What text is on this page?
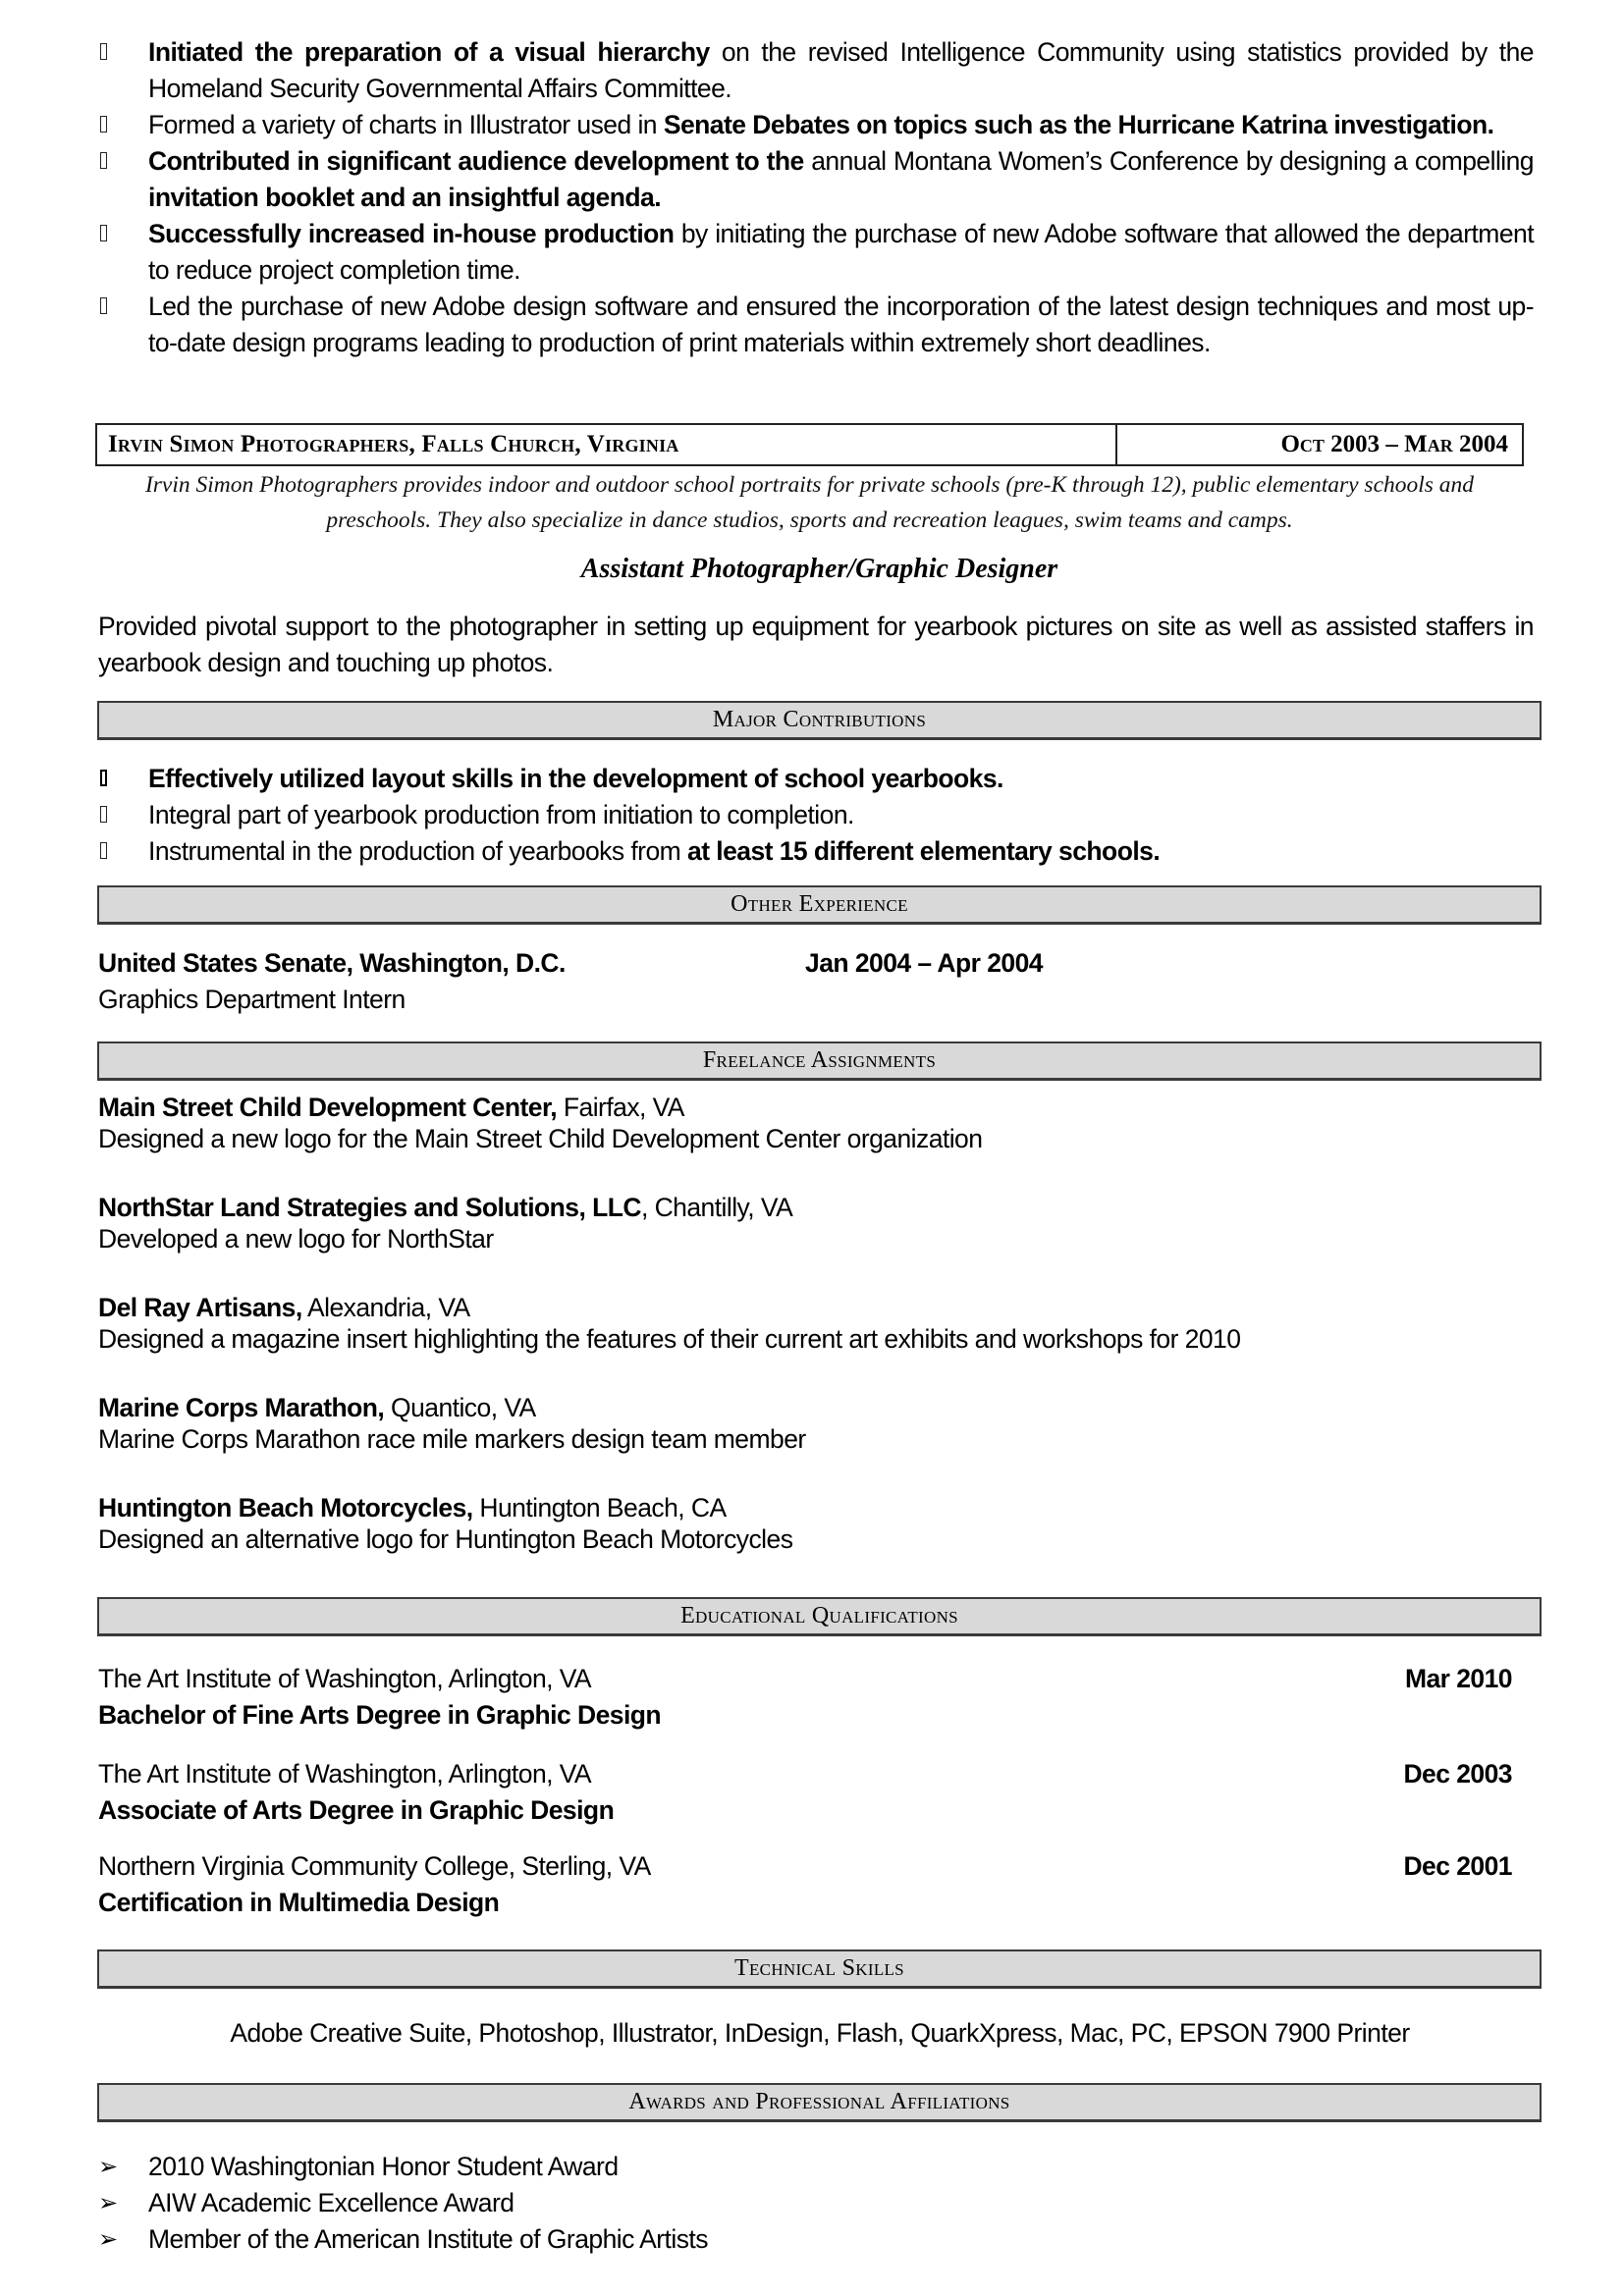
Initiated the preparation of a visual hierarchy on the revised Intelligence Community using statistics provided by the Homeland Security Governmental Affairs Committee.
Formed a variety of charts in Illustrator used in Senate Debates on topics such as the Hurricane Katrina investigation.
Contributed in significant audience development to the annual Montana Women’s Conference by designing a compelling invitation booklet and an insightful agenda.
Successfully increased in-house production by initiating the purchase of new Adobe software that allowed the department to reduce project completion time.
Led the purchase of new Adobe design software and ensured the incorporation of the latest design techniques and most up-to-date design programs leading to production of print materials within extremely short deadlines.
Irvin Simon Photographers, Falls Church, Virginia	Oct 2003 – Mar 2004
Irvin Simon Photographers provides indoor and outdoor school portraits for private schools (pre-K through 12), public elementary schools and preschools. They also specialize in dance studios, sports and recreation leagues, swim teams and camps.
Assistant Photographer/Graphic Designer
Provided pivotal support to the photographer in setting up equipment for yearbook pictures on site as well as assisted staffers in yearbook design and touching up photos.
Major Contributions
Effectively utilized layout skills in the development of school yearbooks.
Integral part of yearbook production from initiation to completion.
Instrumental in the production of yearbooks from at least 15 different elementary schools.
Other Experience
United States Senate, Washington, D.C.	Jan 2004 – Apr 2004
Graphics Department Intern
Freelance Assignments
Main Street Child Development Center, Fairfax, VA
Designed a new logo for the Main Street Child Development Center organization
NorthStar Land Strategies and Solutions, LLC, Chantilly, VA
Developed a new logo for NorthStar
Del Ray Artisans, Alexandria, VA
Designed a magazine insert highlighting the features of their current art exhibits and workshops for 2010
Marine Corps Marathon, Quantico, VA
Marine Corps Marathon race mile markers design team member
Huntington Beach Motorcycles, Huntington Beach, CA
Designed an alternative logo for Huntington Beach Motorcycles
Educational Qualifications
The Art Institute of Washington, Arlington, VA	Mar 2010
Bachelor of Fine Arts Degree in Graphic Design
The Art Institute of Washington, Arlington, VA	Dec 2003
Associate of Arts Degree in Graphic Design
Northern Virginia Community College, Sterling, VA	Dec 2001
Certification in Multimedia Design
Technical Skills
Adobe Creative Suite, Photoshop, Illustrator, InDesign, Flash, QuarkXpress, Mac, PC, EPSON 7900 Printer
Awards and Professional Affiliations
➢ 2010 Washingtonian Honor Student Award
➢ AIW Academic Excellence Award
➢ Member of the American Institute of Graphic Artists
